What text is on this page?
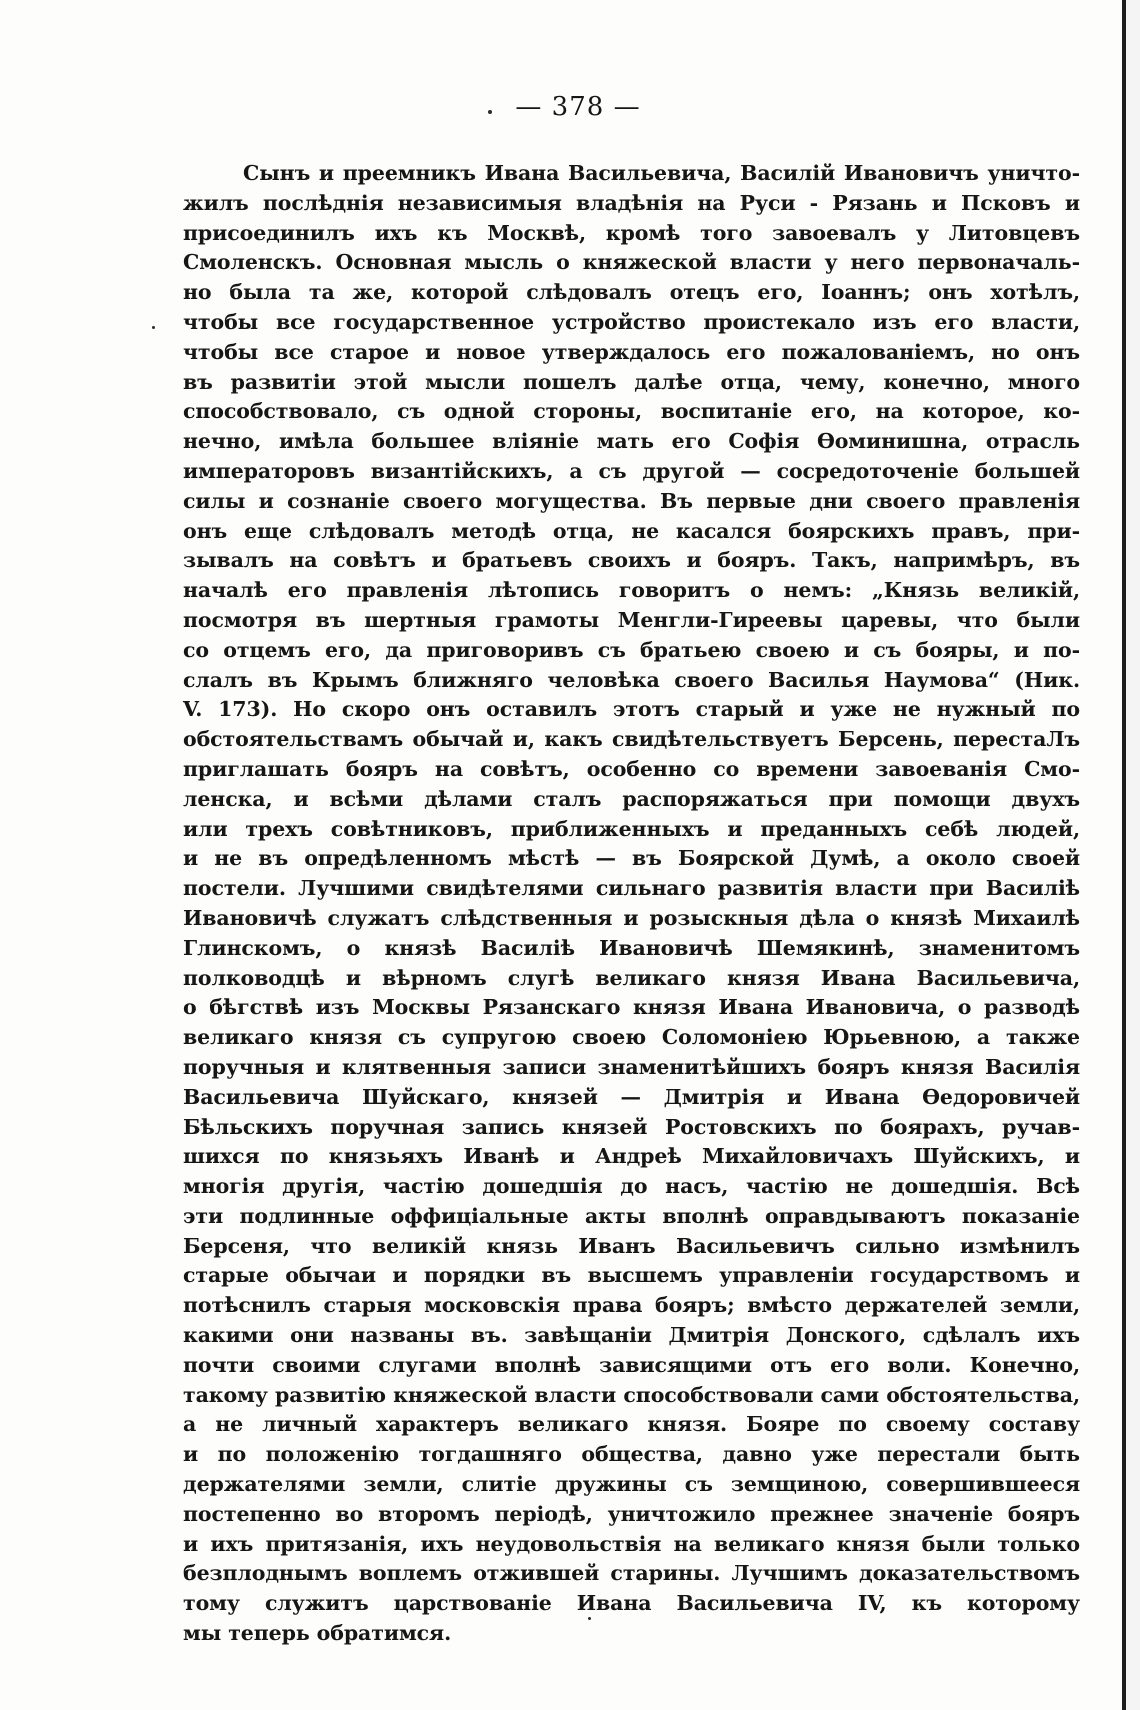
— 378 —
Сынъ и преемникъ Ивана Васильевича, Василій Ивановичъ уничто-
жилъ послѣднія независимыя владѣнія на Руси - Рязань и Псковъ и
присоединилъ ихъ къ Москвѣ, кромѣ того завоевалъ у Литовцевъ
Смоленскъ. Основная мысль о княжеской власти у него первоначаль-
но была та же, которой слѣдовалъ отецъ его, Іоаннъ; онъ хотѣлъ,
чтобы все государственное устройство проистекало изъ его власти,
чтобы все старое и новое утверждалось его пожалованіемъ, но онъ
въ развитіи этой мысли пошелъ далѣе отца, чему, конечно, много
способствовало, съ одной стороны, воспитаніе его, на которое, ко-
нечно, имѣла большее вліяніе мать его Софія Ѳоминишна, отрасль
императоровъ византійскихъ, а съ другой — сосредоточеніе большей
силы и сознаніе своего могущества. Въ первые дни своего правленія
онъ еще слѣдовалъ методѣ отца, не касался боярскихъ правъ, при-
зывалъ на совѣтъ и братьевъ своихъ и бояръ. Такъ, напримѣръ, въ
началѣ его правленія лѣтопись говоритъ о немъ: „Князь великій,
посмотря въ шертныя грамоты Менгли-Гиреевы царевы, что были
со отцемъ его, да приговоривъ съ братьею своею и съ бояры, и по-
слалъ въ Крымъ ближняго человѣка своего Василья Наумова“ (Ник.
V. 173). Но скоро онъ оставилъ этотъ старый и уже не нужный по
обстоятельствамъ обычай и, какъ свидѣтельствуетъ Берсень, перестаЛъ
приглашать бояръ на совѣтъ, особенно со времени завоеванія Смо-
ленска, и всѣми дѣлами сталъ распоряжаться при помощи двухъ
или трехъ совѣтниковъ, приближенныхъ и преданныхъ себѣ людей,
и не въ опредѣленномъ мѣстѣ — въ Боярской Думѣ, а около своей
постели. Лучшими свидѣтелями сильнаго развитія власти при Василіѣ
Ивановичѣ служатъ слѣдственныя и розыскныя дѣла о князѣ Михаилѣ
Глинскомъ, о князѣ Василіѣ Ивановичѣ Шемякинѣ, знаменитомъ
полководцѣ и вѣрномъ слугѣ великаго князя Ивана Васильевича,
о бѣгствѣ изъ Москвы Рязанскаго князя Ивана Ивановича, о разводѣ
великаго князя съ супругою своею Соломоніею Юрьевною, а также
поручныя и клятвенныя записи знаменитѣйшихъ бояръ князя Василія
Васильевича Шуйскаго, князей — Дмитрія и Ивана Ѳедоровичей
Бѣльскихъ поручная запись князей Ростовскихъ по бояpахъ, ручав-
шихся по князьяхъ Иванѣ и Андреѣ Михайловичахъ Шуйскихъ, и
многія другія, частію дошедшія до насъ, частію не дошедшія. Всѣ
эти подлинные оффиціальные акты вполнѣ оправдываютъ показаніе
Берсеня, что великій князь Иванъ Васильевичъ сильно измѣнилъ
старые обычаи и порядки въ высшемъ управленіи государствомъ и
потѣснилъ старыя московскія права бояръ; вмѣсто держателей земли,
какими они названы въ. завѣщаніи Дмитрія Донского, сдѣлалъ ихъ
почти своими слугами вполнѣ зависящими отъ его воли. Конечно,
такому развитію княжеской власти способствовали сами обстоятельства,
а не личный характеръ великаго князя. Бояре по своему составу
и по положенію тогдашняго общества, давно уже перестали быть
держателями земли, слитіе дружины съ земщиною, совершившееся
постепенно во второмъ періодѣ, уничтожило прежнее значеніе бояръ
и ихъ притязанія, ихъ неудовольствія на великаго князя были только
безплоднымъ воплемъ отжившей старины. Лучшимъ доказательствомъ
тому служитъ царствованіе Ивана Васильевича IV, къ которому
мы теперь обратимся.
